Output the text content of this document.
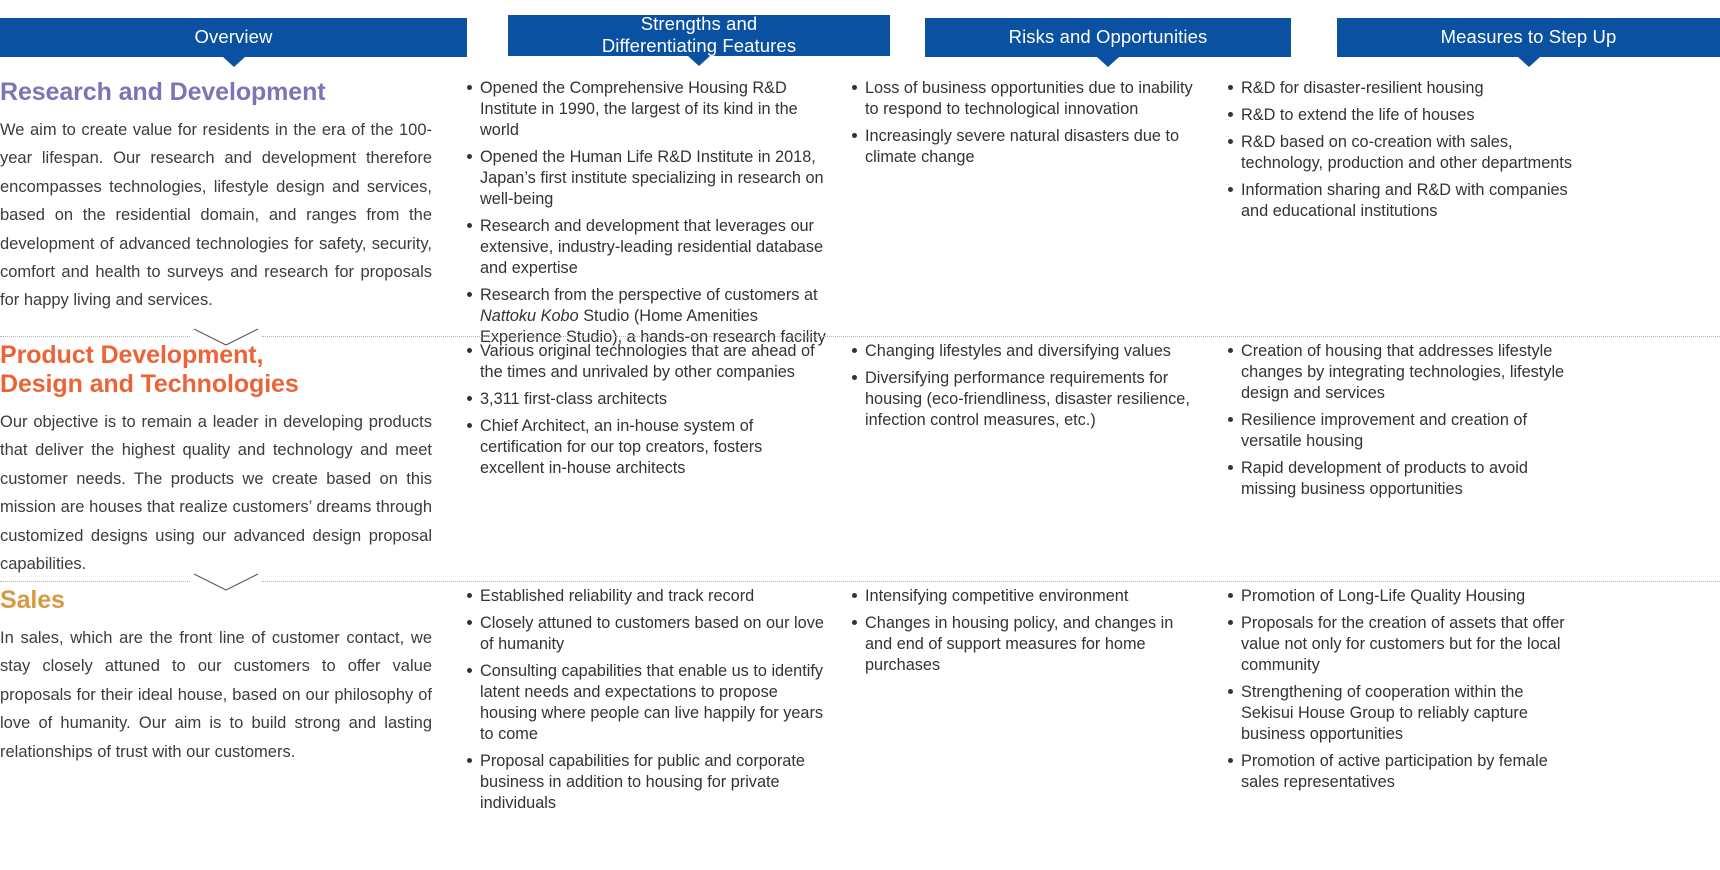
Overview
Strengths and
Differentiating Features	Risks and Opportunities	Measures to Step Up
Research and Development

We aim to create value for residents in the era of the 100-year lifespan. Our research and development therefore encompasses technologies, lifestyle design and services, based on the residential domain, and ranges from the development of advanced technologies for safety, security, comfort and health to surveys and research for proposals for happy living and services.

Opened the Comprehensive Housing R&D Institute in 1990, the largest of its kind in the world
Opened the Human Life R&D Institute in 2018, Japan’s first institute specializing in research on well-being
Research and development that leverages our extensive, industry-leading residential database and expertise
Research from the perspective of customers at Nattoku Kobo Studio (Home Amenities Experience Studio), a hands-on research facility
Loss of business opportunities due to inability to respond to technological innovation
Increasingly severe natural disasters due to climate change
R&D for disaster-resilient housing
R&D to extend the life of houses
R&D based on co-creation with sales, technology, production and other departments
Information sharing and R&D with companies and educational institutions
Product Development,
Design and Technologies

Our objective is to remain a leader in developing products that deliver the highest quality and technology and meet customer needs. The products we create based on this mission are houses that realize customers’ dreams through customized designs using our advanced design proposal capabilities.

Various original technologies that are ahead of the times and unrivaled by other companies
3,311 first-class architects
Chief Architect, an in-house system of certification for our top creators, fosters excellent in-house architects
Changing lifestyles and diversifying values
Diversifying performance requirements for housing (eco-friendliness, disaster resilience, infection control measures, etc.)
Creation of housing that addresses lifestyle changes by integrating technologies, lifestyle design and services
Resilience improvement and creation of versatile housing
Rapid development of products to avoid missing business opportunities
Sales

In sales, which are the front line of customer contact, we stay closely attuned to our customers to offer value proposals for their ideal house, based on our philosophy of love of humanity. Our aim is to build strong and lasting relationships of trust with our customers.

Established reliability and track record
Closely attuned to customers based on our love of humanity
Consulting capabilities that enable us to identify latent needs and expectations to propose housing where people can live happily for years to come
Proposal capabilities for public and corporate business in addition to housing for private individuals
Intensifying competitive environment
Changes in housing policy, and changes in and end of support measures for home purchases
Promotion of Long-Life Quality Housing
Proposals for the creation of assets that offer value not only for customers but for the local community
Strengthening of cooperation within the Sekisui House Group to reliably capture business opportunities
Promotion of active participation by female sales representatives
